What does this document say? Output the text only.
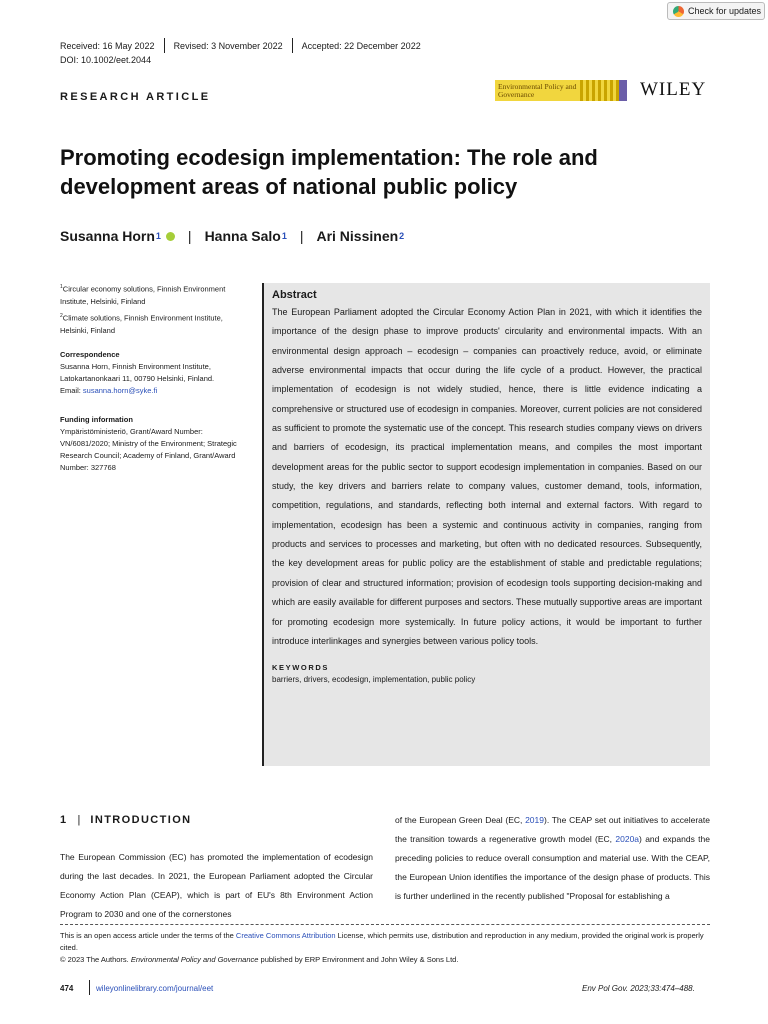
Received: 16 May 2022 Revised: 3 November 2022 Accepted: 22 December 2022
DOI: 10.1002/eet.2044
Check for updates
RESEARCH ARTICLE
Environmental Policy and Governance	WILEY
Promoting ecodesign implementation: The role and development areas of national public policy
Susanna Horn 1 | Hanna Salo 1 | Ari Nissinen 2
$^1$Circular economy solutions, Finnish Environment Institute, Helsinki, Finland
$^2$Climate solutions, Finnish Environment Institute, Helsinki, Finland
Correspondence
Susanna Horn, Finnish Environment Institute, Latokartanonkaari 11, 00790 Helsinki, Finland.
Email: susanna.horn@syke.fi
Funding information
Ympäristöministeriö, Grant/Award Number: VN/6081/2020; Ministry of the Environment; Strategic Research Council; Academy of Finland, Grant/Award Number: 327768
Abstract
The European Parliament adopted the Circular Economy Action Plan in 2021, with which it identifies the importance of the design phase to improve products' circularity and environmental impacts. With an environmental design approach – ecodesign – companies can proactively reduce, avoid, or eliminate adverse environmental impacts that occur during the life cycle of a product. However, the practical implementation of ecodesign is not widely studied, hence, there is little evidence indicating a comprehensive or structured use of ecodesign in companies. Moreover, current policies are not considered as sufficient to promote the systematic use of the concept. This research studies company views on drivers and barriers of ecodesign, its practical implementation means, and compiles the most important development areas for the public sector to support ecodesign implementation in companies. Based on our study, the key drivers and barriers relate to company values, customer demand, tools, information, competition, regulations, and standards, reflecting both internal and external factors. With regard to implementation, ecodesign has been a systemic and continuous activity in companies, ranging from products and services to processes and marketing, but often with no dedicated resources. Subsequently, the key development areas for public policy are the establishment of stable and predictable regulations; provision of clear and structured information; provision of ecodesign tools supporting decision-making and which are easily available for different purposes and sectors. These mutually supportive areas are important for promoting ecodesign more systemically. In future policy actions, it would be important to further introduce interlinkages and synergies between various policy tools.
KEYWORDS
barriers, drivers, ecodesign, implementation, public policy
1 | INTRODUCTION
The European Commission (EC) has promoted the implementation of ecodesign during the last decades. In 2021, the European Parliament adopted the Circular Economy Action Plan (CEAP), which is part of EU's 8th Environment Action Program to 2030 and one of the cornerstones
of the European Green Deal (EC, 2019). The CEAP set out initiatives to accelerate the transition towards a regenerative growth model (EC, 2020a) and expands the preceding policies to reduce overall consumption and material use. With the CEAP, the European Union identifies the importance of the design phase of products. This is further underlined in the recently published "Proposal for establishing a
This is an open access article under the terms of the Creative Commons Attribution License, which permits use, distribution and reproduction in any medium, provided the original work is properly cited.
© 2023 The Authors. Environmental Policy and Governance published by ERP Environment and John Wiley & Sons Ltd.
474	wileyonlinelibrary.com/journal/eet	Env Pol Gov. 2023;33:474–488.
